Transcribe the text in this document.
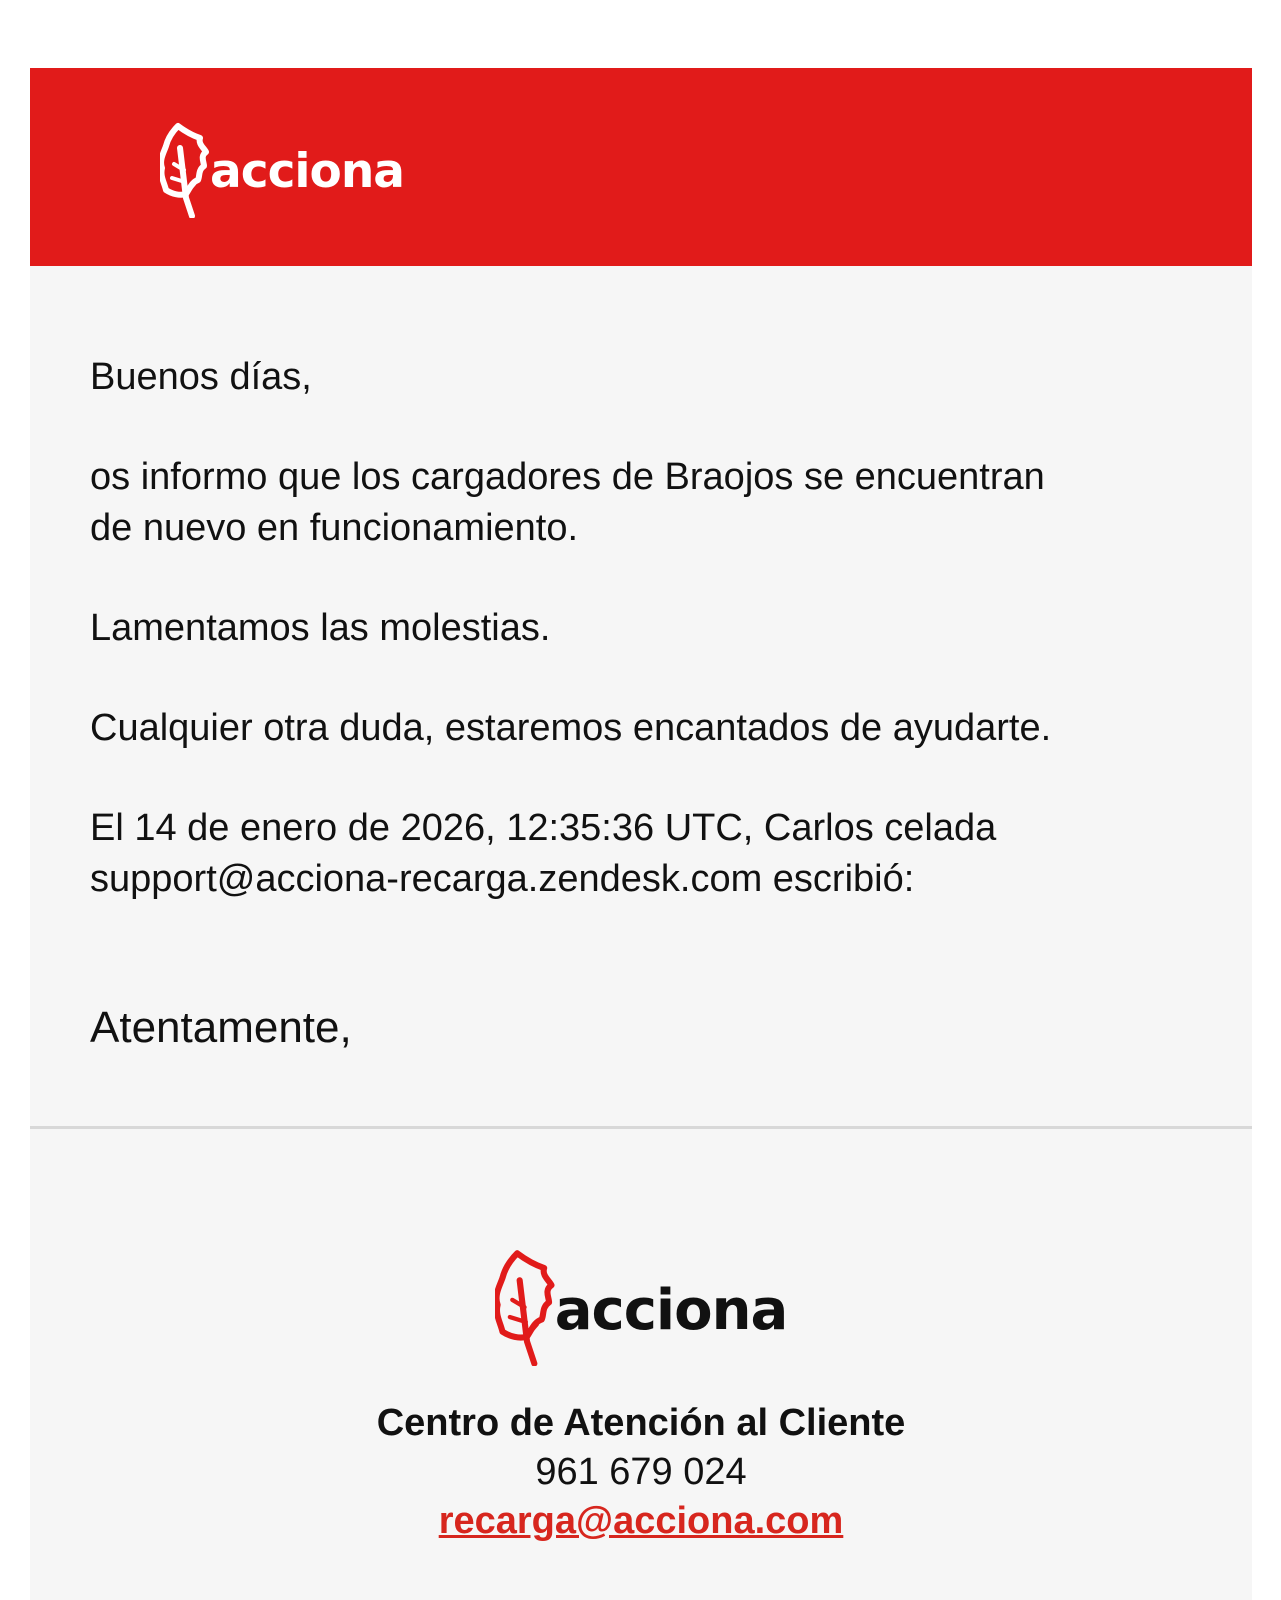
acciona

Buenos días,

os informo que los cargadores de Braojos se encuentran
de nuevo en funcionamiento.

Lamentamos las molestias.

Cualquier otra duda, estaremos encantados de ayudarte.

El 14 de enero de 2026, 12:35:36 UTC, Carlos celada
support@acciona-recarga.zendesk.com escribió:

Atentamente,

acciona
Centro de Atención al Cliente
961 679 024
recarga@acciona.com
